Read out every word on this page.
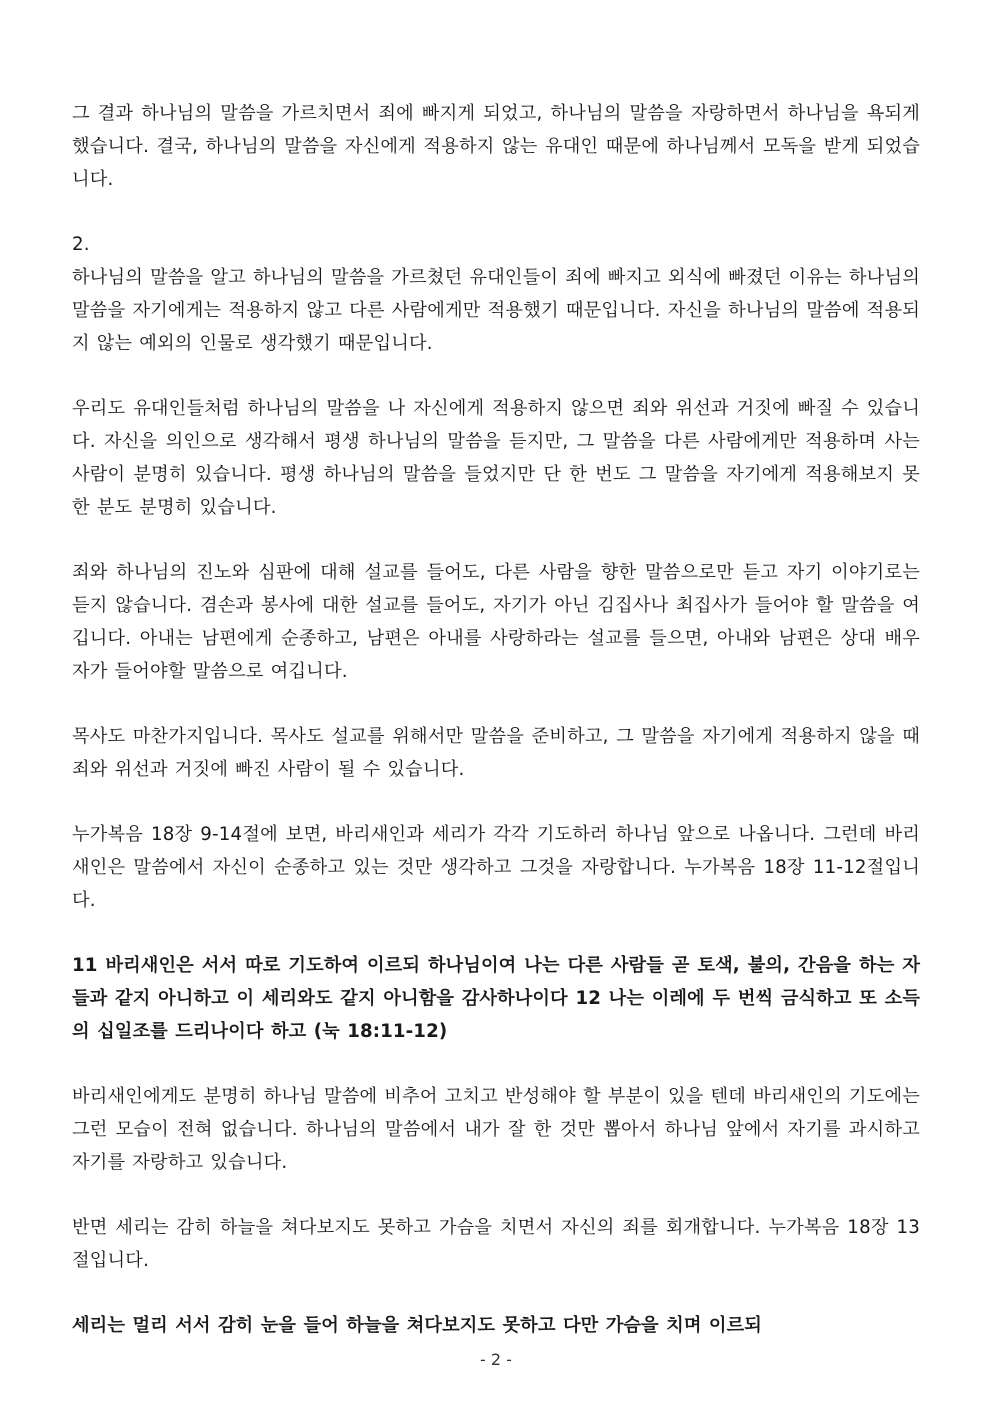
그 결과 하나님의 말씀을 가르치면서 죄에 빠지게 되었고, 하나님의 말씀을 자랑하면서 하나님을 욕되게 했습니다. 결국, 하나님의 말씀을 자신에게 적용하지 않는 유대인 때문에 하나님께서 모독을 받게 되었습니다.

2.

하나님의 말씀을 알고 하나님의 말씀을 가르쳤던 유대인들이 죄에 빠지고 외식에 빠졌던 이유는 하나님의 말씀을 자기에게는 적용하지 않고 다른 사람에게만 적용했기 때문입니다. 자신을 하나님의 말씀에 적용되지 않는 예외의 인물로 생각했기 때문입니다.

우리도 유대인들처럼 하나님의 말씀을 나 자신에게 적용하지 않으면 죄와 위선과 거짓에 빠질 수 있습니다. 자신을 의인으로 생각해서 평생 하나님의 말씀을 듣지만, 그 말씀을 다른 사람에게만 적용하며 사는 사람이 분명히 있습니다. 평생 하나님의 말씀을 들었지만 단 한 번도 그 말씀을 자기에게 적용해보지 못한 분도 분명히 있습니다.

죄와 하나님의 진노와 심판에 대해 설교를 들어도, 다른 사람을 향한 말씀으로만 듣고 자기 이야기로는 듣지 않습니다. 겸손과 봉사에 대한 설교를 들어도, 자기가 아닌 김집사나 최집사가 들어야 할 말씀을 여깁니다. 아내는 남편에게 순종하고, 남편은 아내를 사랑하라는 설교를 들으면, 아내와 남편은 상대 배우자가 들어야할 말씀으로 여깁니다.

목사도 마찬가지입니다. 목사도 설교를 위해서만 말씀을 준비하고, 그 말씀을 자기에게 적용하지 않을 때 죄와 위선과 거짓에 빠진 사람이 될 수 있습니다.

누가복음 18장 9-14절에 보면, 바리새인과 세리가 각각 기도하러 하나님 앞으로 나옵니다. 그런데 바리새인은 말씀에서 자신이 순종하고 있는 것만 생각하고 그것을 자랑합니다. 누가복음 18장 11-12절입니다.

11 바리새인은 서서 따로 기도하여 이르되 하나님이여 나는 다른 사람들 곧 토색, 불의, 간음을 하는 자들과 같지 아니하고 이 세리와도 같지 아니함을 감사하나이다 12 나는 이레에 두 번씩 금식하고 또 소득의 십일조를 드리나이다 하고 (눅 18:11-12)

바리새인에게도 분명히 하나님 말씀에 비추어 고치고 반성해야 할 부분이 있을 텐데 바리새인의 기도에는 그런 모습이 전혀 없습니다. 하나님의 말씀에서 내가 잘 한 것만 뽑아서 하나님 앞에서 자기를 과시하고 자기를 자랑하고 있습니다.

반면 세리는 감히 하늘을 쳐다보지도 못하고 가슴을 치면서 자신의 죄를 회개합니다. 누가복음 18장 13절입니다.

세리는 멀리 서서 감히 눈을 들어 하늘을 쳐다보지도 못하고 다만 가슴을 치며 이르되

- 2 -
